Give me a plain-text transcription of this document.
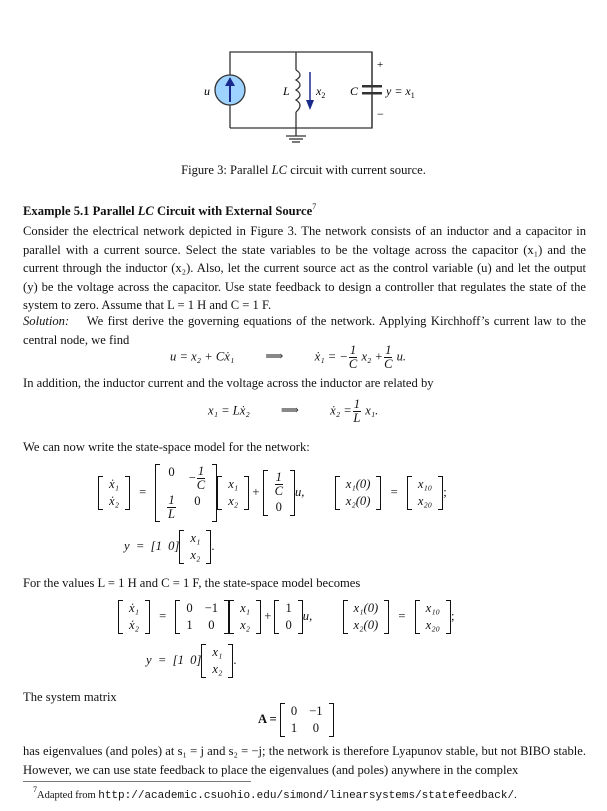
u	L $x_2$ C $y = x_1$
+
−
Figure 3: Parallel LC circuit with current source.
Example 5.1 Parallel LC Circuit with External Source$^7$
Consider the electrical network depicted in Figure 3. The network consists of an inductor and a capacitor in parallel with a current source. Select the state variables to be the voltage across the capacitor (x₁) and the current through the inductor (x₂). Also, let the current source act as the control variable (u) and let the output (y) be the voltage across the capacitor. Use state feedback to design a controller that regulates the state of the system to zero. Assume that L = 1 H and C = 1 F.
Solution: We first derive the governing equations of the network. Applying Kirchhoff’s current law to the central node, we find
u = x₂ + Cẋ₁ ⟹ ẋ₁ = − $\frac{1}{C} x_2 + \frac{1}{C} u$.
In addition, the inductor current and the voltage across the inductor are related by
x₁ = Lẋ₂ ⟹ ẋ₂ = $\frac{1}{L} x_1$.
We can now write the state-space model for the network:
ẋ₁
ẋ₂
=
$0 - \frac{1}{C}$
$\frac{1}{L}$	0
x₁
x₂
+ $\frac{1}{C}$
0
u,
x₁(0)
x₂(0)
=
x₁₀
x₂₀
;
y  =  [1  0]
x₁
x₂
.
For the values L = 1 H and C = 1 F, the state-space model becomes
ẋ₁
ẋ₂
=
0 −1
1 0
x₁
x₂
+
1
0
u,
x₁(0)
x₂(0)
=
x₁₀
x₂₀
;
y  =  [1  0]
x₁
x₂
.
The system matrix
A =
0 −1
1 0
has eigenvalues (and poles) at s₁ = j and s₂ = −j; the network is therefore Lyapunov stable, but not BIBO stable. However, we can use state feedback to place the eigenvalues (and poles) anywhere in the complex
$^7$Adapted from http://academic.csuohio.edu/simond/linearsystems/statefeedback/.
